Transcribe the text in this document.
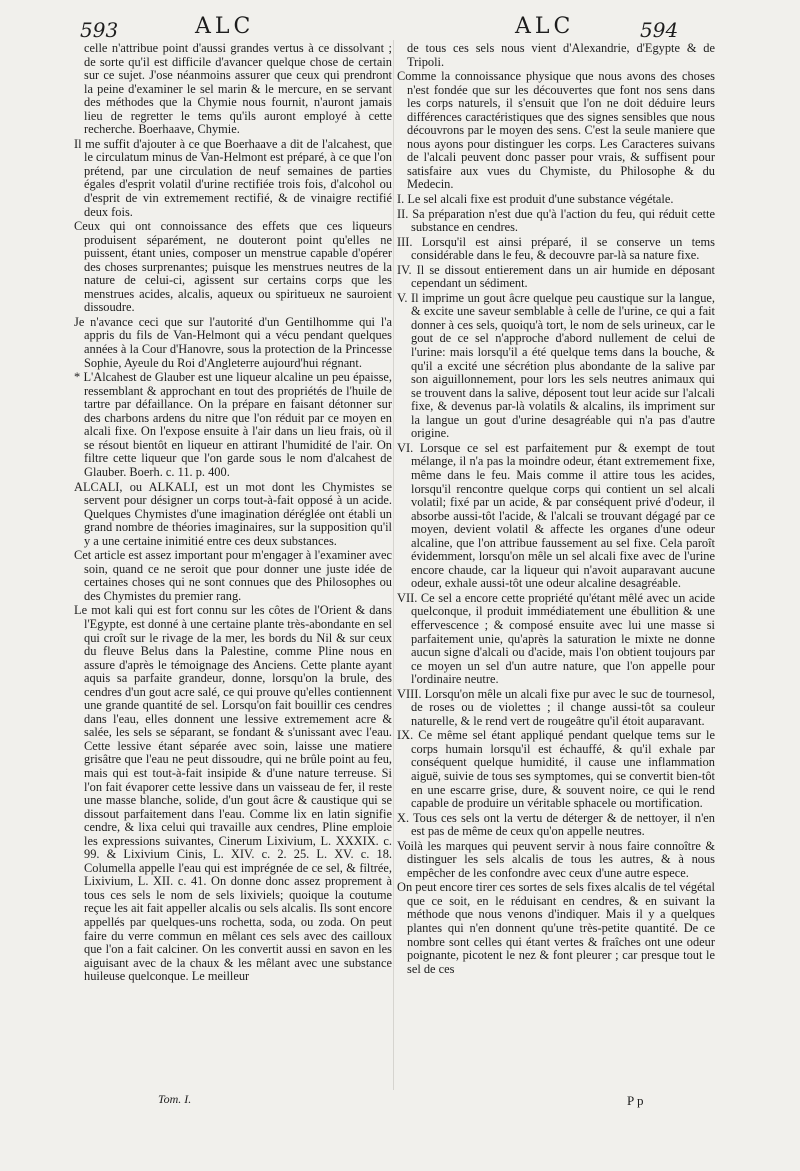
593	ALC	ALC	594

celle n'attribue point d'aussi grandes vertus à ce dissolvant ; de sorte qu'il est difficile d'avancer quelque chose de certain sur ce sujet. J'ose néanmoins assurer que ceux qui prendront la peine d'examiner le sel marin & le mercure, en se servant des méthodes que la Chymie nous fournit, n'auront jamais lieu de regretter le tems qu'ils auront employé à cette recherche. Boerhaave, Chymie.

Il me suffit d'ajouter à ce que Boerhaave a dit de l'alcahest, que le circulatum minus de Van-Helmont est préparé, à ce que l'on prétend, par une circulation de neuf semaines de parties égales d'esprit volatil d'urine rectifiée trois fois, d'alcohol ou d'esprit de vin extremement rectifié, & de vinaigre rectifié deux fois.

Ceux qui ont connoissance des effets que ces liqueurs produisent séparément, ne douteront point qu'elles ne puissent, étant unies, composer un menstrue capable d'opérer des choses surprenantes; puisque les menstrues neutres de la nature de celui-ci, agissent sur certains corps que les menstrues acides, alcalis, aqueux ou spiritueux ne sauroient dissoudre.

Je n'avance ceci que sur l'autorité d'un Gentilhomme qui l'a appris du fils de Van-Helmont qui a vécu pendant quelques années à la Cour d'Hanovre, sous la protection de la Princesse Sophie, Ayeule du Roi d'Angleterre aujourd'hui régnant.

* L'Alcahest de Glauber est une liqueur alcaline un peu épaisse, ressemblant & approchant en tout des propriétés de l'huile de tartre par défaillance. On la prépare en faisant détonner sur des charbons ardens du nitre que l'on réduit par ce moyen en alcali fixe. On l'expose ensuite à l'air dans un lieu frais, où il se résout bientôt en liqueur en attirant l'humidité de l'air. On filtre cette liqueur que l'on garde sous le nom d'alcahest de Glauber. Boerh. c. 11. p. 400.

ALCALI, ou ALKALI, est un mot dont les Chymistes se servent pour désigner un corps tout-à-fait opposé à un acide. Quelques Chymistes d'une imagination déréglée ont établi un grand nombre de théories imaginaires, sur la supposition qu'il y a une certaine inimitié entre ces deux substances.

Cet article est assez important pour m'engager à l'examiner avec soin, quand ce ne seroit que pour donner une juste idée de certaines choses qui ne sont connues que des Philosophes ou des Chymistes du premier rang.

Le mot kali qui est fort connu sur les côtes de l'Orient & dans l'Egypte, est donné à une certaine plante très-abondante en sel qui croît sur le rivage de la mer, les bords du Nil & sur ceux du fleuve Belus dans la Palestine, comme Pline nous en assure d'après le témoignage des Anciens. Cette plante ayant aquis sa parfaite grandeur, donne, lorsqu'on la brule, des cendres d'un gout acre salé, ce qui prouve qu'elles contiennent une grande quantité de sel. Lorsqu'on fait bouillir ces cendres dans l'eau, elles donnent une lessive extremement acre & salée, les sels se séparant, se fondant & s'unissant avec l'eau. Cette lessive étant séparée avec soin, laisse une matiere grisâtre que l'eau ne peut dissoudre, qui ne brûle point au feu, mais qui est tout-à-fait insipide & d'une nature terreuse. Si l'on fait évaporer cette lessive dans un vaisseau de fer, il reste une masse blanche, solide, d'un gout âcre & caustique qui se dissout parfaitement dans l'eau. Comme lix en latin signifie cendre, & lixa celui qui travaille aux cendres, Pline emploie les expressions suivantes, Cinerum Lixivium, L. XXXIX. c. 99. & Lixivium Cinis, L. XIV. c. 2. 25. L. XV. c. 18. Columella appelle l'eau qui est imprégnée de ce sel, & filtrée, Lixivium, L. XII. c. 41. On donne donc assez proprement à tous ces sels le nom de sels lixiviels; quoique la coutume reçue les ait fait appeller alcalis ou sels alcalis. Ils sont encore appellés par quelques-uns rochetta, soda, ou zoda. On peut faire du verre commun en mêlant ces sels avec des cailloux que l'on a fait calciner. On les convertit aussi en savon en les aiguisant avec de la chaux & les mêlant avec une substance huileuse quelconque. Le meilleur

de tous ces sels nous vient d'Alexandrie, d'Egypte & de Tripoli.

Comme la connoissance physique que nous avons des choses n'est fondée que sur les découvertes que font nos sens dans les corps naturels, il s'ensuit que l'on ne doit déduire leurs différences caractéristiques que des signes sensibles que nous découvrons par le moyen des sens. C'est la seule maniere que nous ayons pour distinguer les corps. Les Caracteres suivans de l'alcali peuvent donc passer pour vrais, & suffisent pour satisfaire aux vues du Chymiste, du Philosophe & du Medecin.

I. Le sel alcali fixe est produit d'une substance végétale.

II. Sa préparation n'est due qu'à l'action du feu, qui réduit cette substance en cendres.

III. Lorsqu'il est ainsi préparé, il se conserve un tems considérable dans le feu, & decouvre par-là sa nature fixe.

IV. Il se dissout entierement dans un air humide en déposant cependant un sédiment.

V. Il imprime un gout âcre quelque peu caustique sur la langue, & excite une saveur semblable à celle de l'urine, ce qui a fait donner à ces sels, quoiqu'à tort, le nom de sels urineux, car le gout de ce sel n'approche d'abord nullement de celui de l'urine: mais lorsqu'il a été quelque tems dans la bouche, & qu'il a excité une sécrétion plus abondante de la salive par son aiguillonnement, pour lors les sels neutres animaux qui se trouvent dans la salive, déposent tout leur acide sur l'alcali fixe, & devenus par-là volatils & alcalins, ils impriment sur la langue un gout d'urine desagréable qui n'a pas d'autre origine.

VI. Lorsque ce sel est parfaitement pur & exempt de tout mélange, il n'a pas la moindre odeur, étant extremement fixe, même dans le feu. Mais comme il attire tous les acides, lorsqu'il rencontre quelque corps qui contient un sel alcali volatil; fixé par un acide, & par conséquent privé d'odeur, il absorbe aussi-tôt l'acide, & l'alcali se trouvant dégagé par ce moyen, devient volatil & affecte les organes d'une odeur alcaline, que l'on attribue faussement au sel fixe. Cela paroît évidemment, lorsqu'on mêle un sel alcali fixe avec de l'urine encore chaude, car la liqueur qui n'avoit auparavant aucune odeur, exhale aussi-tôt une odeur alcaline desagréable.

VII. Ce sel a encore cette propriété qu'étant mêlé avec un acide quelconque, il produit immédiatement une ébullition & une effervescence ; & composé ensuite avec lui une masse si parfaitement unie, qu'après la saturation le mixte ne donne aucun signe d'alcali ou d'acide, mais l'on obtient toujours par ce moyen un sel d'un autre nature, que l'on appelle pour l'ordinaire neutre.

VIII. Lorsqu'on mêle un alcali fixe pur avec le suc de tournesol, de roses ou de violettes ; il change aussi-tôt sa couleur naturelle, & le rend vert de rougeâtre qu'il étoit auparavant.

IX. Ce même sel étant appliqué pendant quelque tems sur le corps humain lorsqu'il est échauffé, & qu'il exhale par conséquent quelque humidité, il cause une inflammation aiguë, suivie de tous ses symptomes, qui se convertit bien-tôt en une escarre grise, dure, & souvent noire, ce qui le rend capable de produire un véritable sphacele ou mortification.

X. Tous ces sels ont la vertu de déterger & de nettoyer, il n'en est pas de même de ceux qu'on appelle neutres.

Voilà les marques qui peuvent servir à nous faire connoître & distinguer les sels alcalis de tous les autres, & à nous empêcher de les confondre avec ceux d'une autre espece.

On peut encore tirer ces sortes de sels fixes alcalis de tel végétal que ce soit, en le réduisant en cendres, & en suivant la méthode que nous venons d'indiquer. Mais il y a quelques plantes qui n'en donnent qu'une très-petite quantité. De ce nombre sont celles qui étant vertes & fraîches ont une odeur poignante, picotent le nez & font pleurer ; car presque tout le sel de ces

Tom. I.	P p
